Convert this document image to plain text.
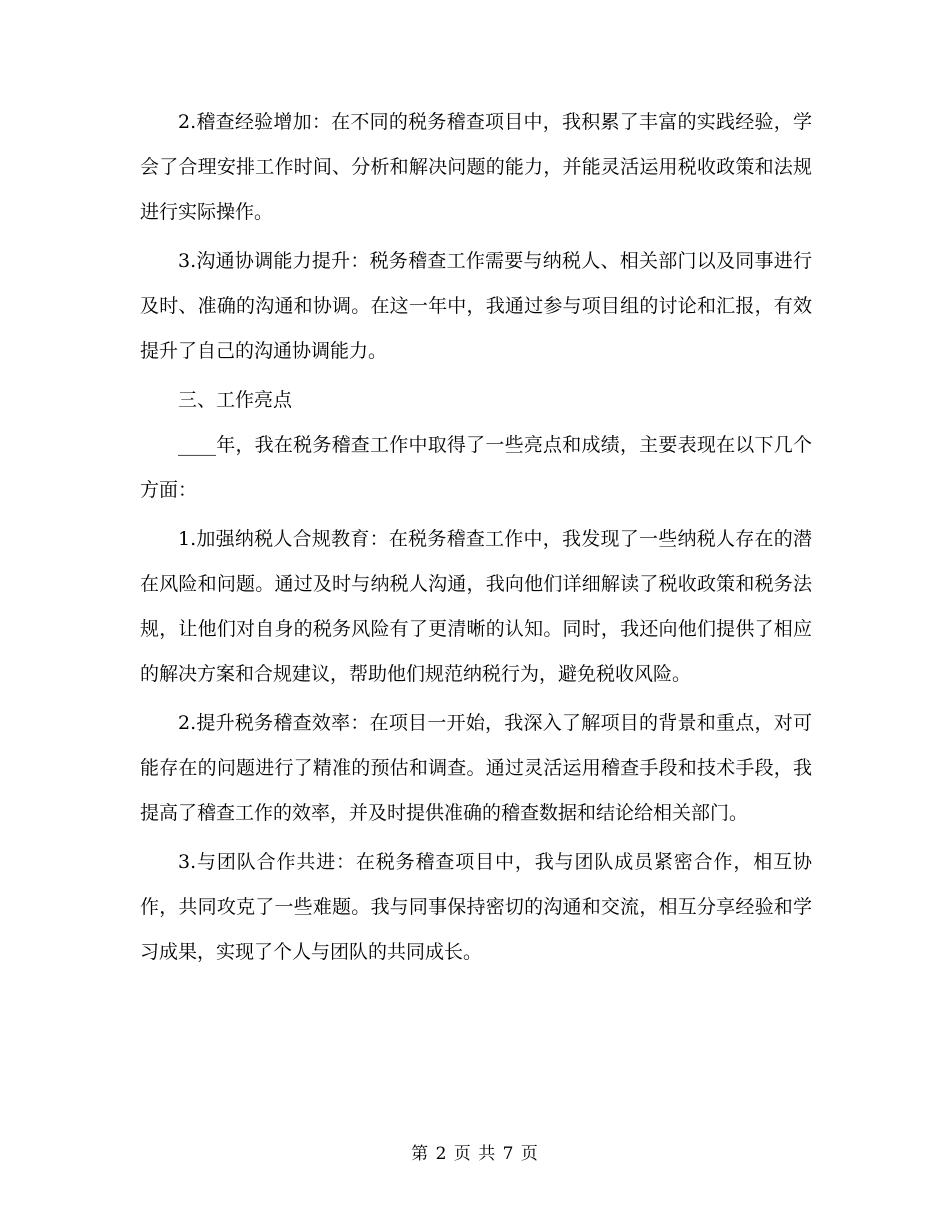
2.稽查经验增加：在不同的税务稽查项目中，我积累了丰富的实践经验，学会了合理安排工作时间、分析和解决问题的能力，并能灵活运用税收政策和法规进行实际操作。

3.沟通协调能力提升：税务稽查工作需要与纳税人、相关部门以及同事进行及时、准确的沟通和协调。在这一年中，我通过参与项目组的讨论和汇报，有效提升了自己的沟通协调能力。

三、工作亮点

____年，我在税务稽查工作中取得了一些亮点和成绩，主要表现在以下几个方面：

1.加强纳税人合规教育：在税务稽查工作中，我发现了一些纳税人存在的潜在风险和问题。通过及时与纳税人沟通，我向他们详细解读了税收政策和税务法规，让他们对自身的税务风险有了更清晰的认知。同时，我还向他们提供了相应的解决方案和合规建议，帮助他们规范纳税行为，避免税收风险。

2.提升税务稽查效率：在项目一开始，我深入了解项目的背景和重点，对可能存在的问题进行了精准的预估和调查。通过灵活运用稽查手段和技术手段，我提高了稽查工作的效率，并及时提供准确的稽查数据和结论给相关部门。

3.与团队合作共进：在税务稽查项目中，我与团队成员紧密合作，相互协作，共同攻克了一些难题。我与同事保持密切的沟通和交流，相互分享经验和学习成果，实现了个人与团队的共同成长。

第 2 页 共 7 页
